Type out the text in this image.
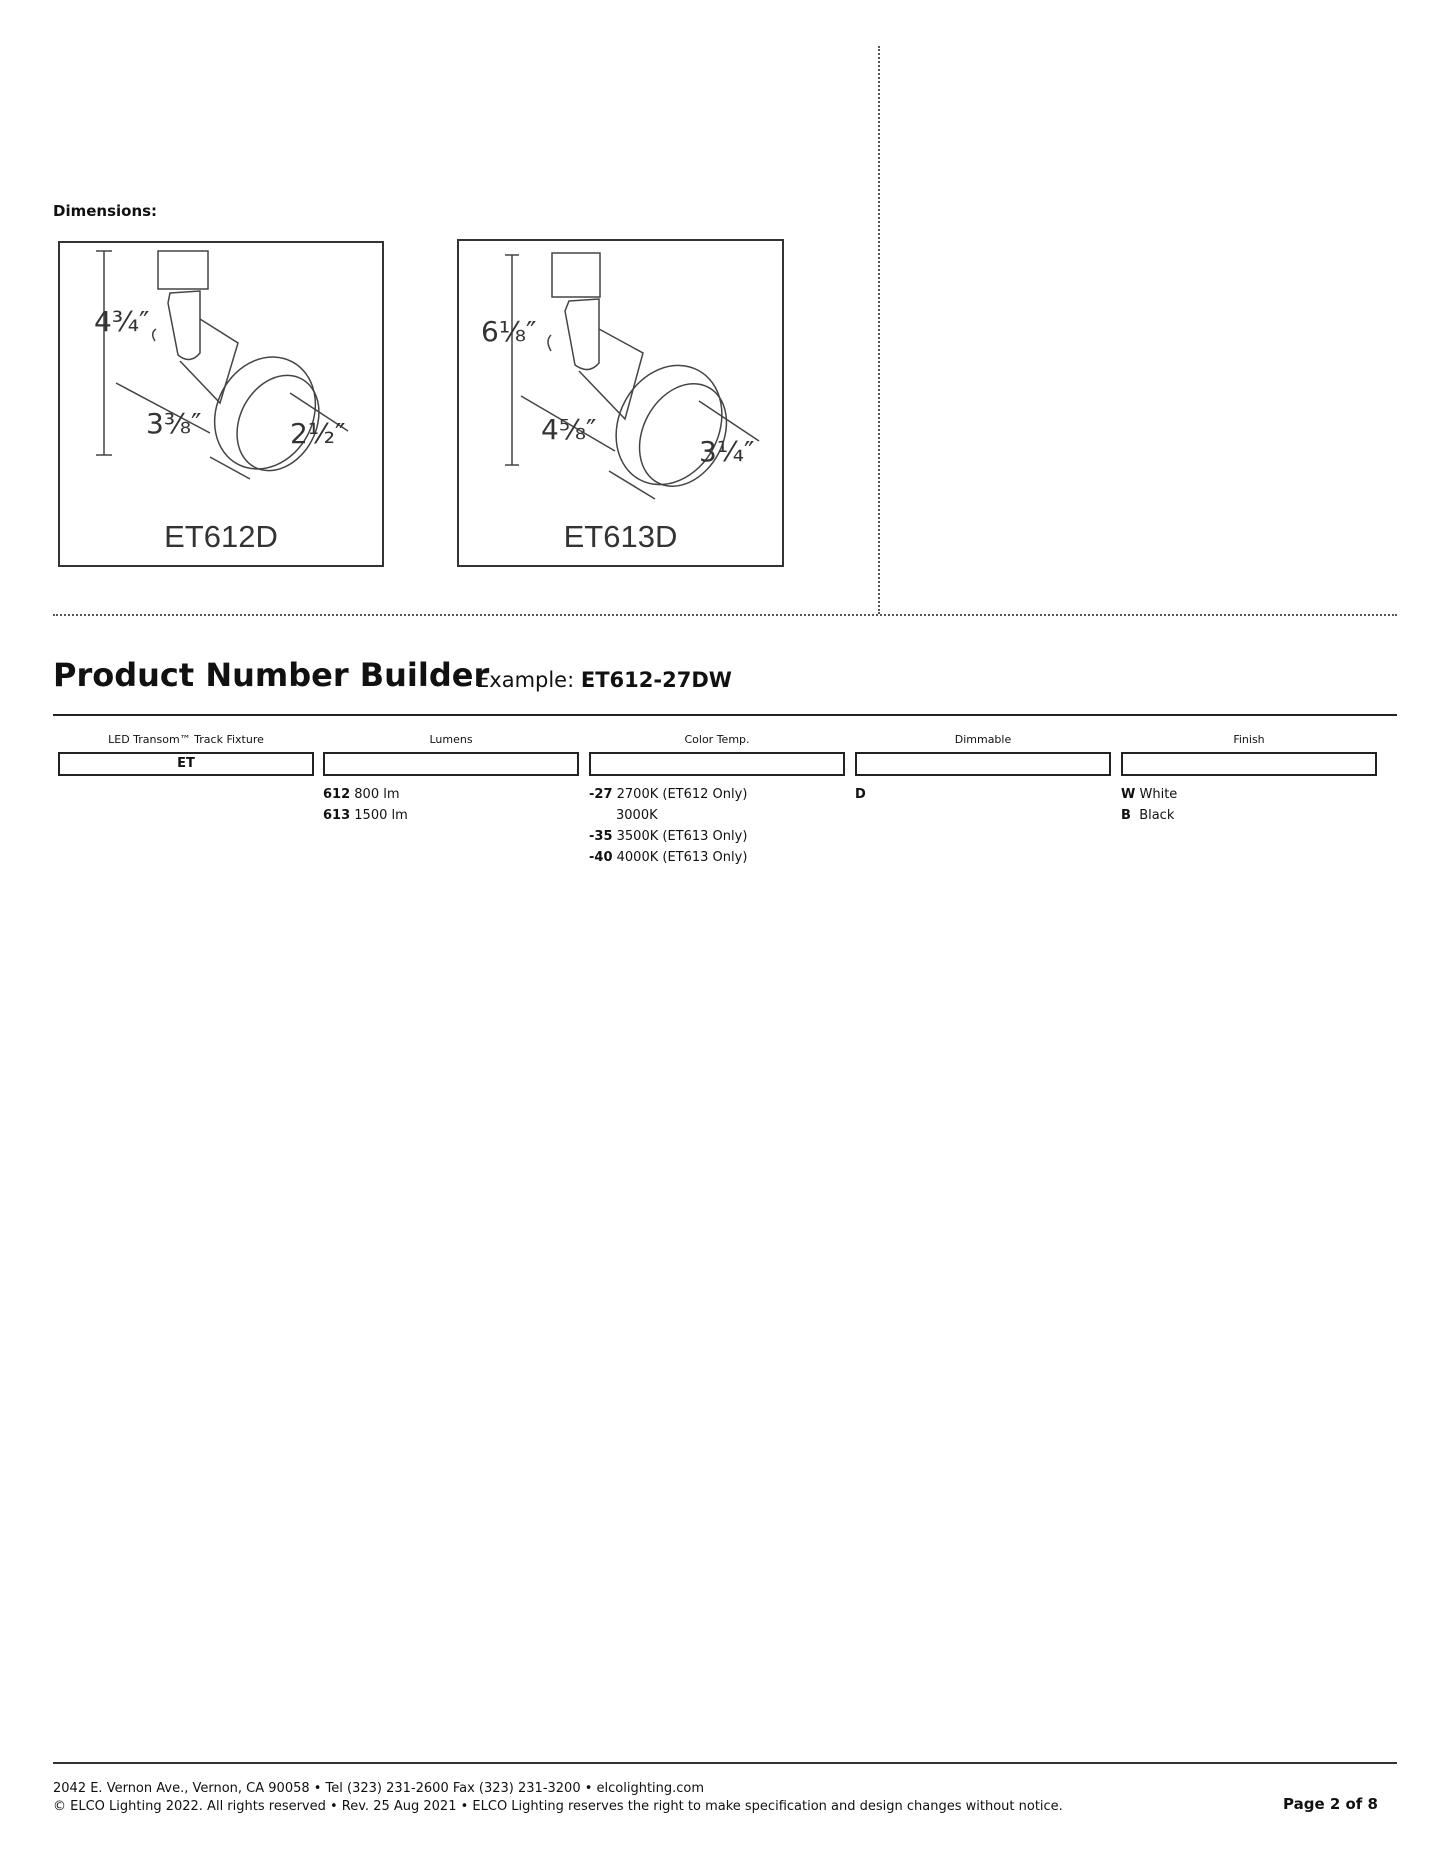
Dimensions:
4¾″
3⅜″	2½″
ET612D
6⅛″
4⅝″
3¼″
ET613D
Product Number Builder
Example: ET612-27DW
LED Transom™ Track Fixture
ET
Lumens
612 800 lm
613 1500 lm
Color Temp.
-27 2700K (ET612 Only)
3000K
-35 3500K (ET613 Only)
-40 4000K (ET613 Only)
Dimmable
D
Finish
W White
B Black
2042 E. Vernon Ave., Vernon, CA 90058 • Tel (323) 231-2600 Fax (323) 231-3200 • elcolighting.com
© ELCO Lighting 2022. All rights reserved • Rev. 25 Aug 2021 • ELCO Lighting reserves the right to make specification and design changes without notice.	Page 2 of 8
